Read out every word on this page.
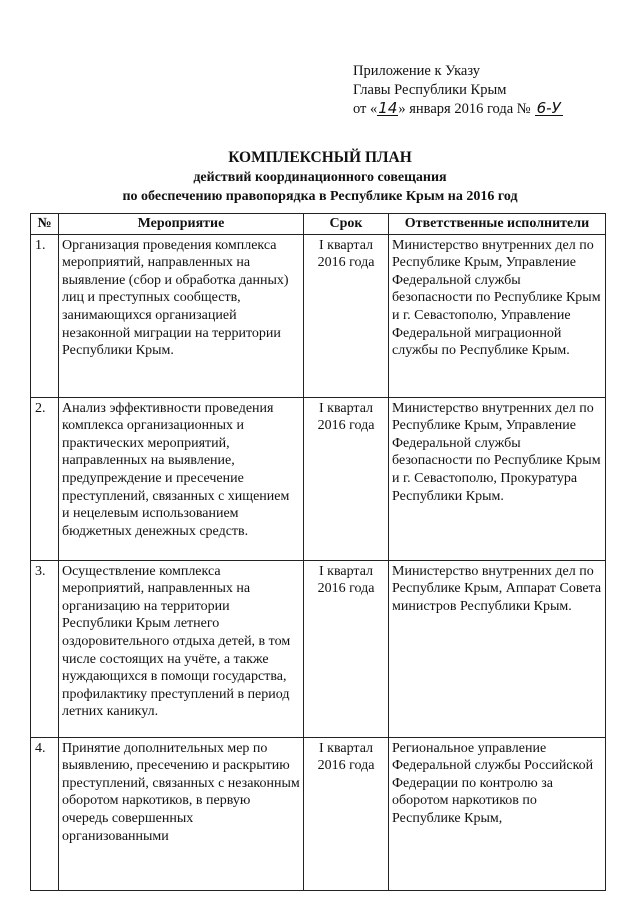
Приложение к Указу
Главы Республики Крым
от «14» января 2016 года № 6-У
КОМПЛЕКСНЫЙ ПЛАН
действий координационного совещания
по обеспечению правопорядка в Республике Крым на 2016 год
№	Мероприятие	Срок	Ответственные исполнители
1.	Организация проведения комплекса мероприятий, направленных на выявление (сбор и обработка данных) лиц и преступных сообществ, занимающихся организацией незаконной миграции на территории Республики Крым.	I квартал 2016 года	Министерство внутренних дел по Республике Крым, Управление Федеральной службы безопасности по Республике Крым и г. Севастополю, Управление Федеральной миграционной службы по Республике Крым.
2.	Анализ эффективности проведения комплекса организационных и практических мероприятий, направленных на выявление, предупреждение и пресечение преступлений, связанных с хищением и нецелевым использованием бюджетных денежных средств.	I квартал 2016 года	Министерство внутренних дел по Республике Крым, Управление Федеральной службы безопасности по Республике Крым и г. Севастополю, Прокуратура Республики Крым.
3.	Осуществление комплекса мероприятий, направленных на организацию на территории Республики Крым летнего оздоровительного отдыха детей, в том числе состоящих на учёте, а также нуждающихся в помощи государства, профилактику преступлений в период летних каникул.	I квартал 2016 года	Министерство внутренних дел по Республике Крым, Аппарат Совета министров Республики Крым.
4.	Принятие дополнительных мер по выявлению, пресечению и раскрытию преступлений, связанных с незаконным оборотом наркотиков, в первую очередь совершенных организованными	I квартал 2016 года	Региональное управление Федеральной службы Российской Федерации по контролю за оборотом наркотиков по Республике Крым,
